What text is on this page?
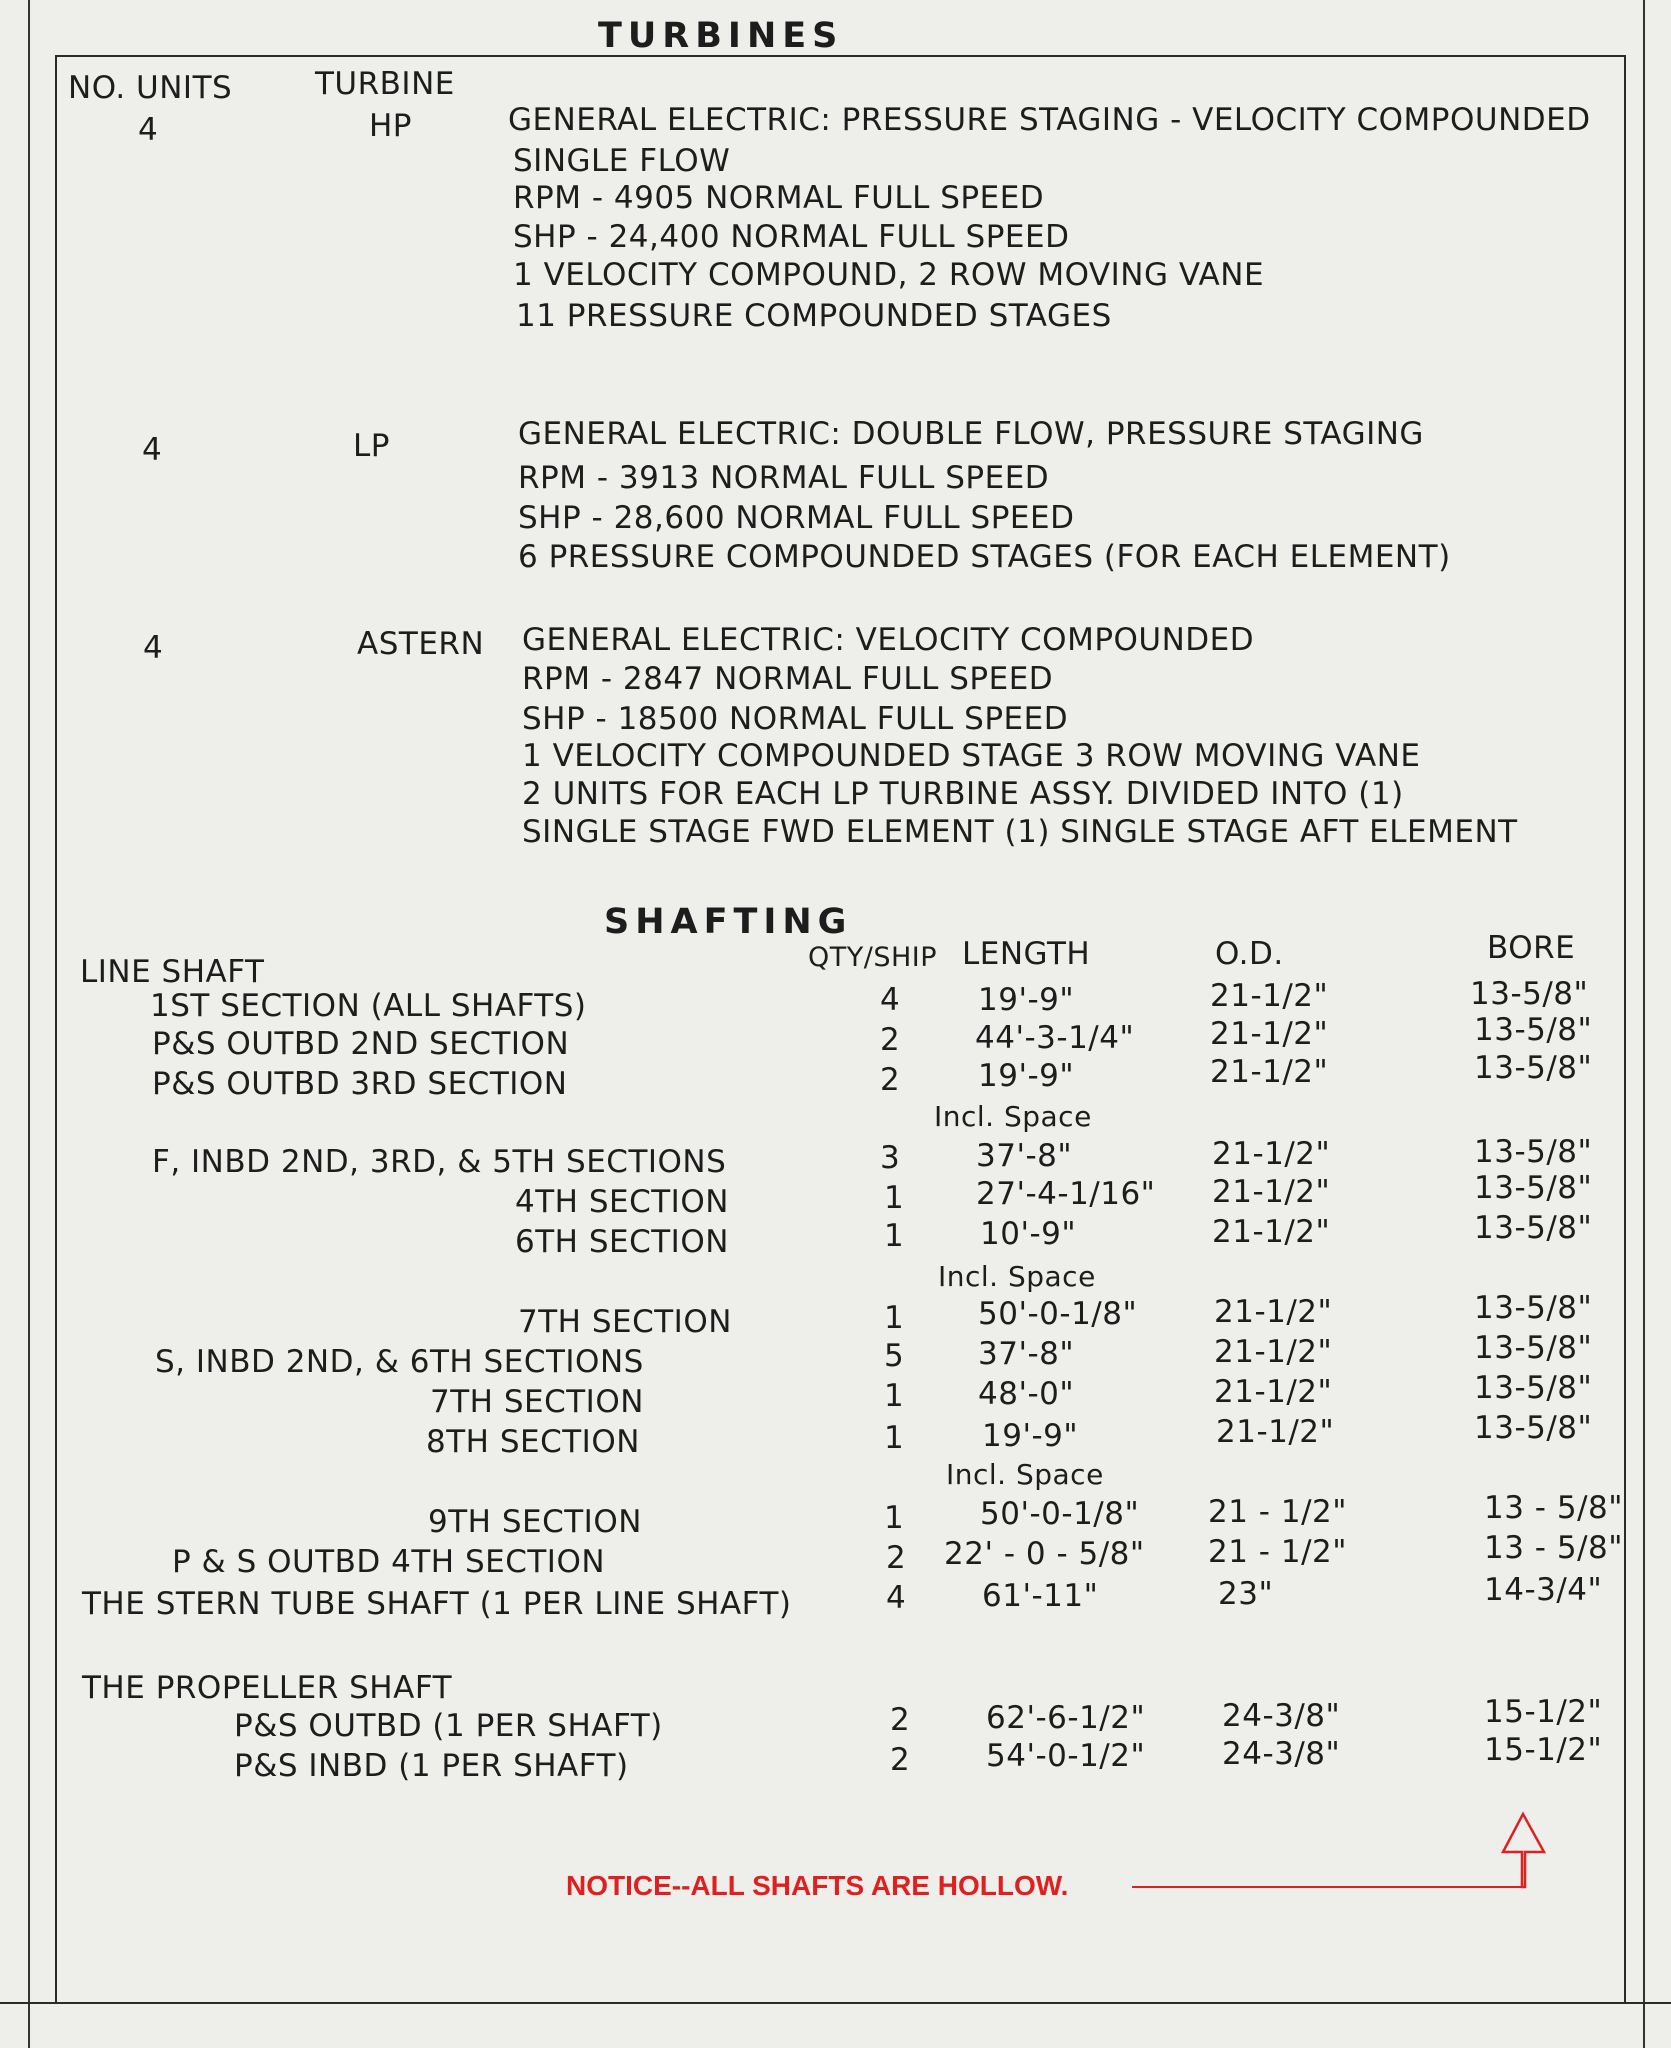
TURBINES
NO. UNITS	TURBINE
4	HP	GENERAL ELECTRIC: PRESSURE STAGING - VELOCITY COMPOUNDED
SINGLE FLOW
RPM - 4905 NORMAL FULL SPEED
SHP - 24,400 NORMAL FULL SPEED
1 VELOCITY COMPOUND, 2 ROW MOVING VANE
11 PRESSURE COMPOUNDED STAGES
4	LP	GENERAL ELECTRIC: DOUBLE FLOW, PRESSURE STAGING
RPM - 3913 NORMAL FULL SPEED
SHP - 28,600 NORMAL FULL SPEED
6 PRESSURE COMPOUNDED STAGES (FOR EACH ELEMENT)
4	ASTERN GENERAL ELECTRIC: VELOCITY COMPOUNDED
RPM - 2847 NORMAL FULL SPEED
SHP - 18500 NORMAL FULL SPEED
1 VELOCITY COMPOUNDED STAGE 3 ROW MOVING VANE
2 UNITS FOR EACH LP TURBINE ASSY. DIVIDED INTO (1)
SINGLE STAGE FWD ELEMENT (1) SINGLE STAGE AFT ELEMENT
SHAFTING
LINE SHAFT	QTY/SHIP LENGTH	O.D.	BORE
1ST SECTION (ALL SHAFTS)	4	19'-9"	21-1/2"	13-5/8"
P&S OUTBD 2ND SECTION	2 44'-3-1/4" 21-1/2"	13-5/8"
P&S OUTBD 3RD SECTION	2	19'-9"	21-1/2"	13-5/8"
Incl. Space
F, INBD 2ND, 3RD, & 5TH SECTIONS	3 37'-8"	21-1/2"	13-5/8"
4TH SECTION	1 27'-4-1/16" 21-1/2"	13-5/8"
6TH SECTION	1 10'-9"	21-1/2"	13-5/8"
Incl. Space
7TH SECTION	1 50'-0-1/8" 21-1/2"	13-5/8"
S, INBD 2ND, & 6TH SECTIONS	5 37'-8"	21-1/2"	13-5/8"
7TH SECTION	1 48'-0"	21-1/2"	13-5/8"
8TH SECTION	1	19'-9"	21-1/2"	13-5/8"
Incl. Space
9TH SECTION	1 50'-0-1/8" 21 - 1/2"	13 - 5/8"
P & S OUTBD 4TH SECTION	2 22' - 0 - 5/8" 21 - 1/2"	13 - 5/8"
THE STERN TUBE SHAFT (1 PER LINE SHAFT)	4 61'-11"	23"	14-3/4"
THE PROPELLER SHAFT
P&S OUTBD (1 PER SHAFT)	2 62'-6-1/2" 24-3/8"	15-1/2"
P&S INBD (1 PER SHAFT)	2 54'-0-1/2" 24-3/8"	15-1/2"
NOTICE--ALL SHAFTS ARE HOLLOW.
